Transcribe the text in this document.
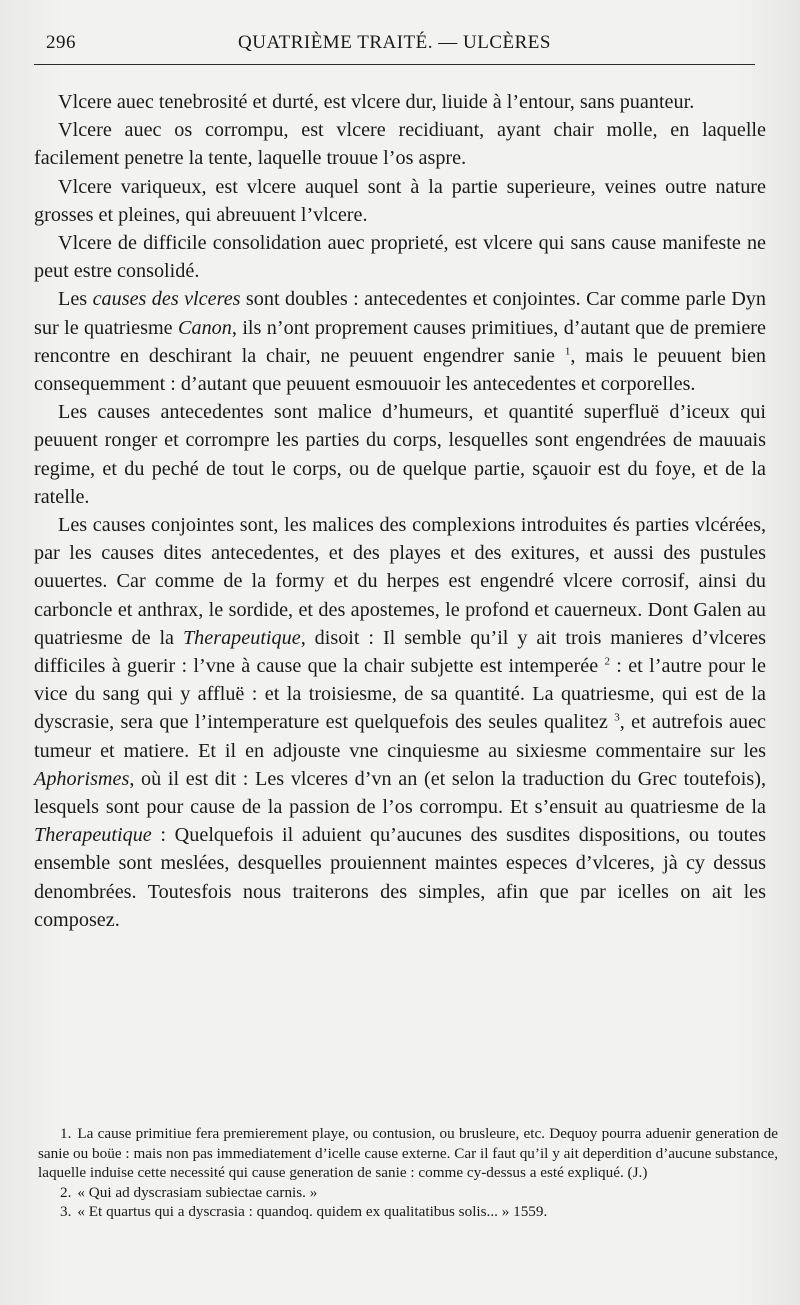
296	QUATRIÈME TRAITÉ. — ULCÈRES

Vlcere auec tenebrosité et durté, est vlcere dur, liuide à l’entour, sans puanteur.

Vlcere auec os corrompu, est vlcere recidiuant, ayant chair molle, en laquelle facilement penetre la tente, laquelle trouue l’os aspre.

Vlcere variqueux, est vlcere auquel sont à la partie superieure, veines outre nature grosses et pleines, qui abreuuent l’vlcere.

Vlcere de difficile consolidation auec proprieté, est vlcere qui sans cause manifeste ne peut estre consolidé.

Les causes des vlceres sont doubles : antecedentes et conjointes. Car comme parle Dyn sur le quatriesme Canon, ils n’ont proprement causes primitiues, d’autant que de premiere rencontre en deschirant la chair, ne peuuent engendrer sanie $^1$, mais le peuuent bien consequemment : d’autant que peuuent esmouuoir les antecedentes et corporelles.

Les causes antecedentes sont malice d’humeurs, et quantité superfluë d’iceux qui peuuent ronger et corrompre les parties du corps, lesquelles sont engendrées de mauuais regime, et du peché de tout le corps, ou de quelque partie, sçauoir est du foye, et de la ratelle.

Les causes conjointes sont, les malices des complexions introduites és parties vlcérées, par les causes dites antecedentes, et des playes et des exitures, et aussi des pustules ouuertes. Car comme de la formy et du herpes est engendré vlcere corrosif, ainsi du carboncle et anthrax, le sordide, et des apostemes, le profond et cauerneux. Dont Galen au quatriesme de la Therapeutique, disoit : Il semble qu’il y ait trois manieres d’vlceres difficiles à guerir : l’vne à cause que la chair subjette est intemperée $^2$ : et l’autre pour le vice du sang qui y affluë : et la troisiesme, de sa quantité. La quatriesme, qui est de la dyscrasie, sera que l’intemperature est quelquefois des seules qualitez $^3$, et autrefois auec tumeur et matiere. Et il en adjouste vne cinquiesme au sixiesme commentaire sur les Aphorismes, où il est dit : Les vlceres d’vn an (et selon la traduction du Grec toutefois), lesquels sont pour cause de la passion de l’os corrompu. Et s’ensuit au quatriesme de la Therapeutique : Quelquefois il aduient qu’aucunes des susdites dispositions, ou toutes ensemble sont meslées, desquelles prouiennent maintes especes d’vlceres, jà cy dessus denombrées. Toutesfois nous traiterons des simples, afin que par icelles on ait les composez.

1. La cause primitiue fera premierement playe, ou contusion, ou brusleure, etc. Dequoy pourra aduenir generation de sanie ou boüe : mais non pas immediatement d’icelle cause externe. Car il faut qu’il y ait deperdition d’aucune substance, laquelle induise cette necessité qui cause generation de sanie : comme cy-dessus a esté expliqué. (J.)

2. « Qui ad dyscrasiam subiectae carnis. »

3. « Et quartus qui a dyscrasia : quandoq. quidem ex qualitatibus solis... » 1559.
